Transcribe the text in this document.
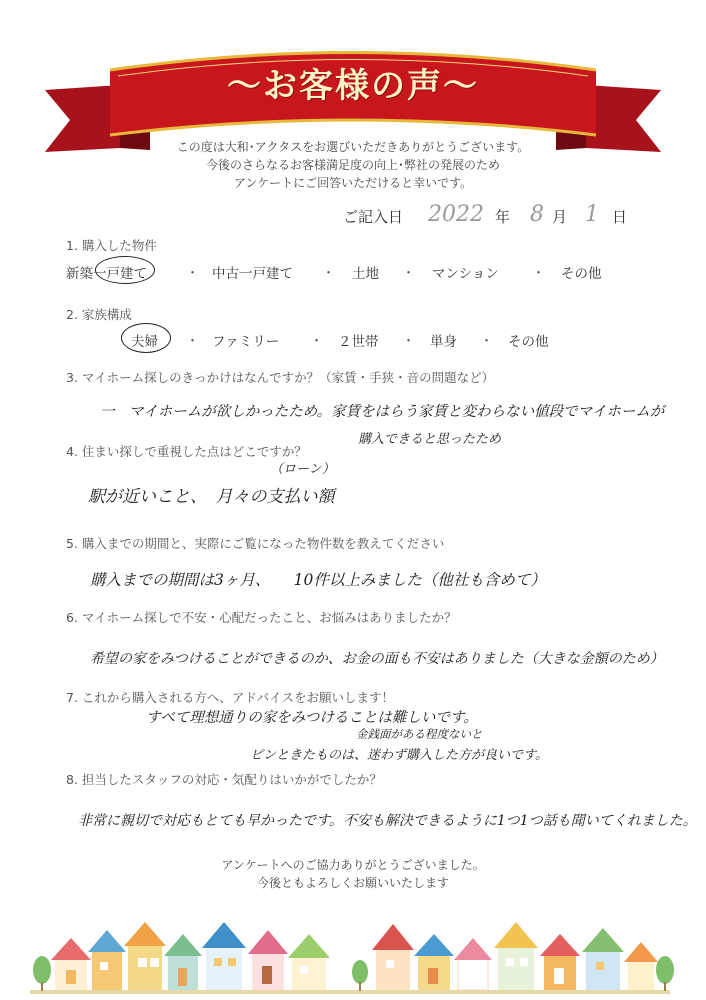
〜お客様の声〜
この度は大和･アクタスをお選びいただきありがとうございます。
今後のさらなるお客様満足度の向上･弊社の発展のため
アンケートにご回答いただけると幸いです。
ご記入日 2022 年 8 月 1 日
1. 購入した物件
新築一戸建て	・ 中古一戸建て ・ 土地 ・ マンション	・ その他
2. 家族構成
夫婦 ・ ファミリー ・ ２世帯 ・ 単身 ・ その他
3. マイホーム探しのきっかけはなんですか？（家賃・手狭・音の問題など）
一　マイホームが欲しかったため。家賃をはらう家賃と変わらない値段でマイホームが
購入できると思ったため
4. 住まい探しで重視した点はどこですか？
（ローン）
駅が近いこと、　月々の支払い額
5. 購入までの期間と、実際にご覧になった物件数を教えてください
購入までの期間は3ヶ月、　　10件以上みました（他社も含めて）
6. マイホーム探しで不安・心配だったこと、お悩みはありましたか？
希望の家をみつけることができるのか、お金の面も不安はありました（大きな金額のため）
7. これから購入される方へ、アドバイスをお願いします！
すべて理想通りの家をみつけることは難しいです。
金銭面がある程度ないと
ピンときたものは、迷わず購入した方が良いです。
8. 担当したスタッフの対応・気配りはいかがでしたか？
非常に親切で対応もとても早かったです。不安も解決できるように1つ1つ話も聞いてくれました。
アンケートへのご協力ありがとうございました。
今後ともよろしくお願いいたします
